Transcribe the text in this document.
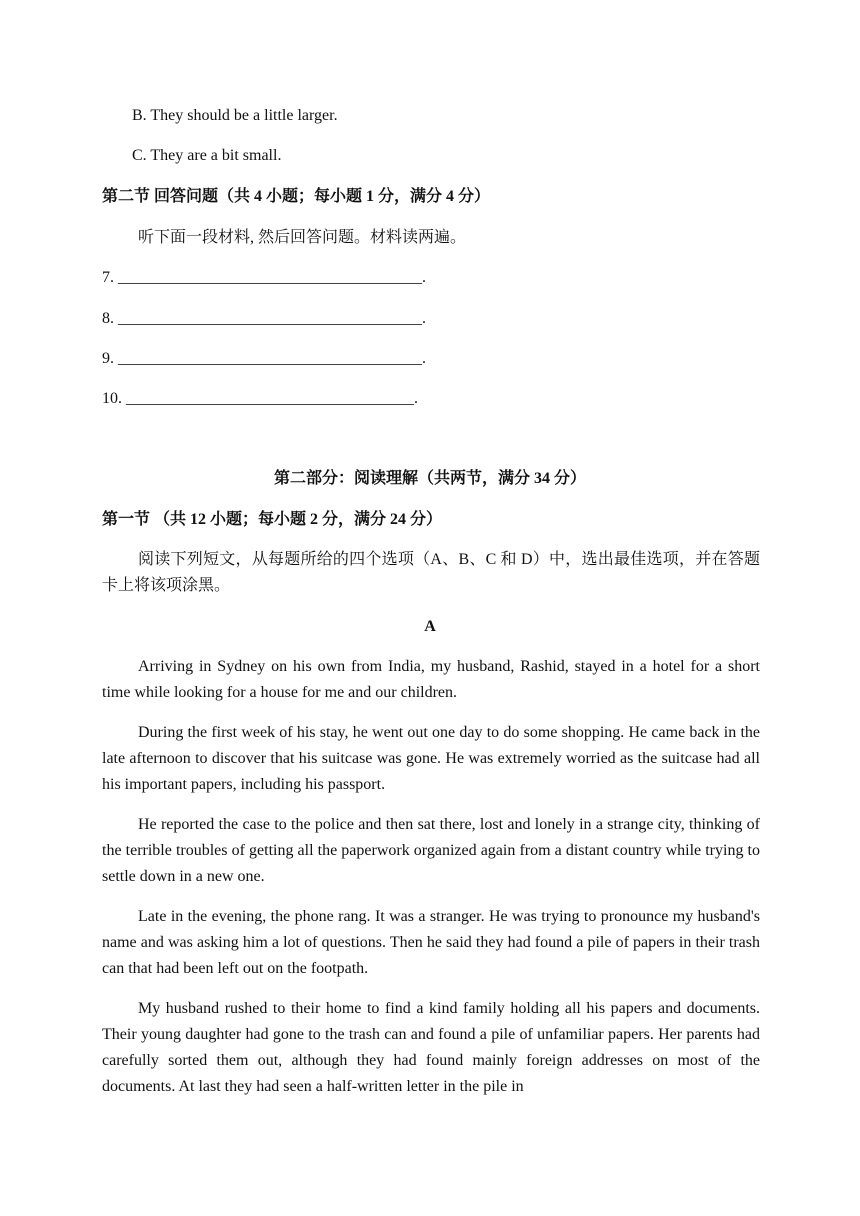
B. They should be a little larger.
C. They are a bit small.
第二节 回答问题（共 4 小题；每小题 1 分，满分 4 分）
听下面一段材料, 然后回答问题。材料读两遍。
7. ______________________________________.
8. ______________________________________.
9. ______________________________________.
10. ____________________________________.
第二部分：阅读理解（共两节，满分 34 分）
第一节 （共 12 小题；每小题 2 分，满分 24 分）

阅读下列短文，从每题所给的四个选项（A、B、C 和 D）中，选出最佳选项，并在答题卡上将该项涂黑。

A

Arriving in Sydney on his own from India, my husband, Rashid, stayed in a hotel for a short time while looking for a house for me and our children.

During the first week of his stay, he went out one day to do some shopping. He came back in the late afternoon to discover that his suitcase was gone. He was extremely worried as the suitcase had all his important papers, including his passport.

He reported the case to the police and then sat there, lost and lonely in a strange city, thinking of the terrible troubles of getting all the paperwork organized again from a distant country while trying to settle down in a new one.

Late in the evening, the phone rang. It was a stranger. He was trying to pronounce my husband's name and was asking him a lot of questions. Then he said they had found a pile of papers in their trash can that had been left out on the footpath.

My husband rushed to their home to find a kind family holding all his papers and documents. Their young daughter had gone to the trash can and found a pile of unfamiliar papers. Her parents had carefully sorted them out, although they had found mainly foreign addresses on most of the documents. At last they had seen a half-written letter in the pile in
